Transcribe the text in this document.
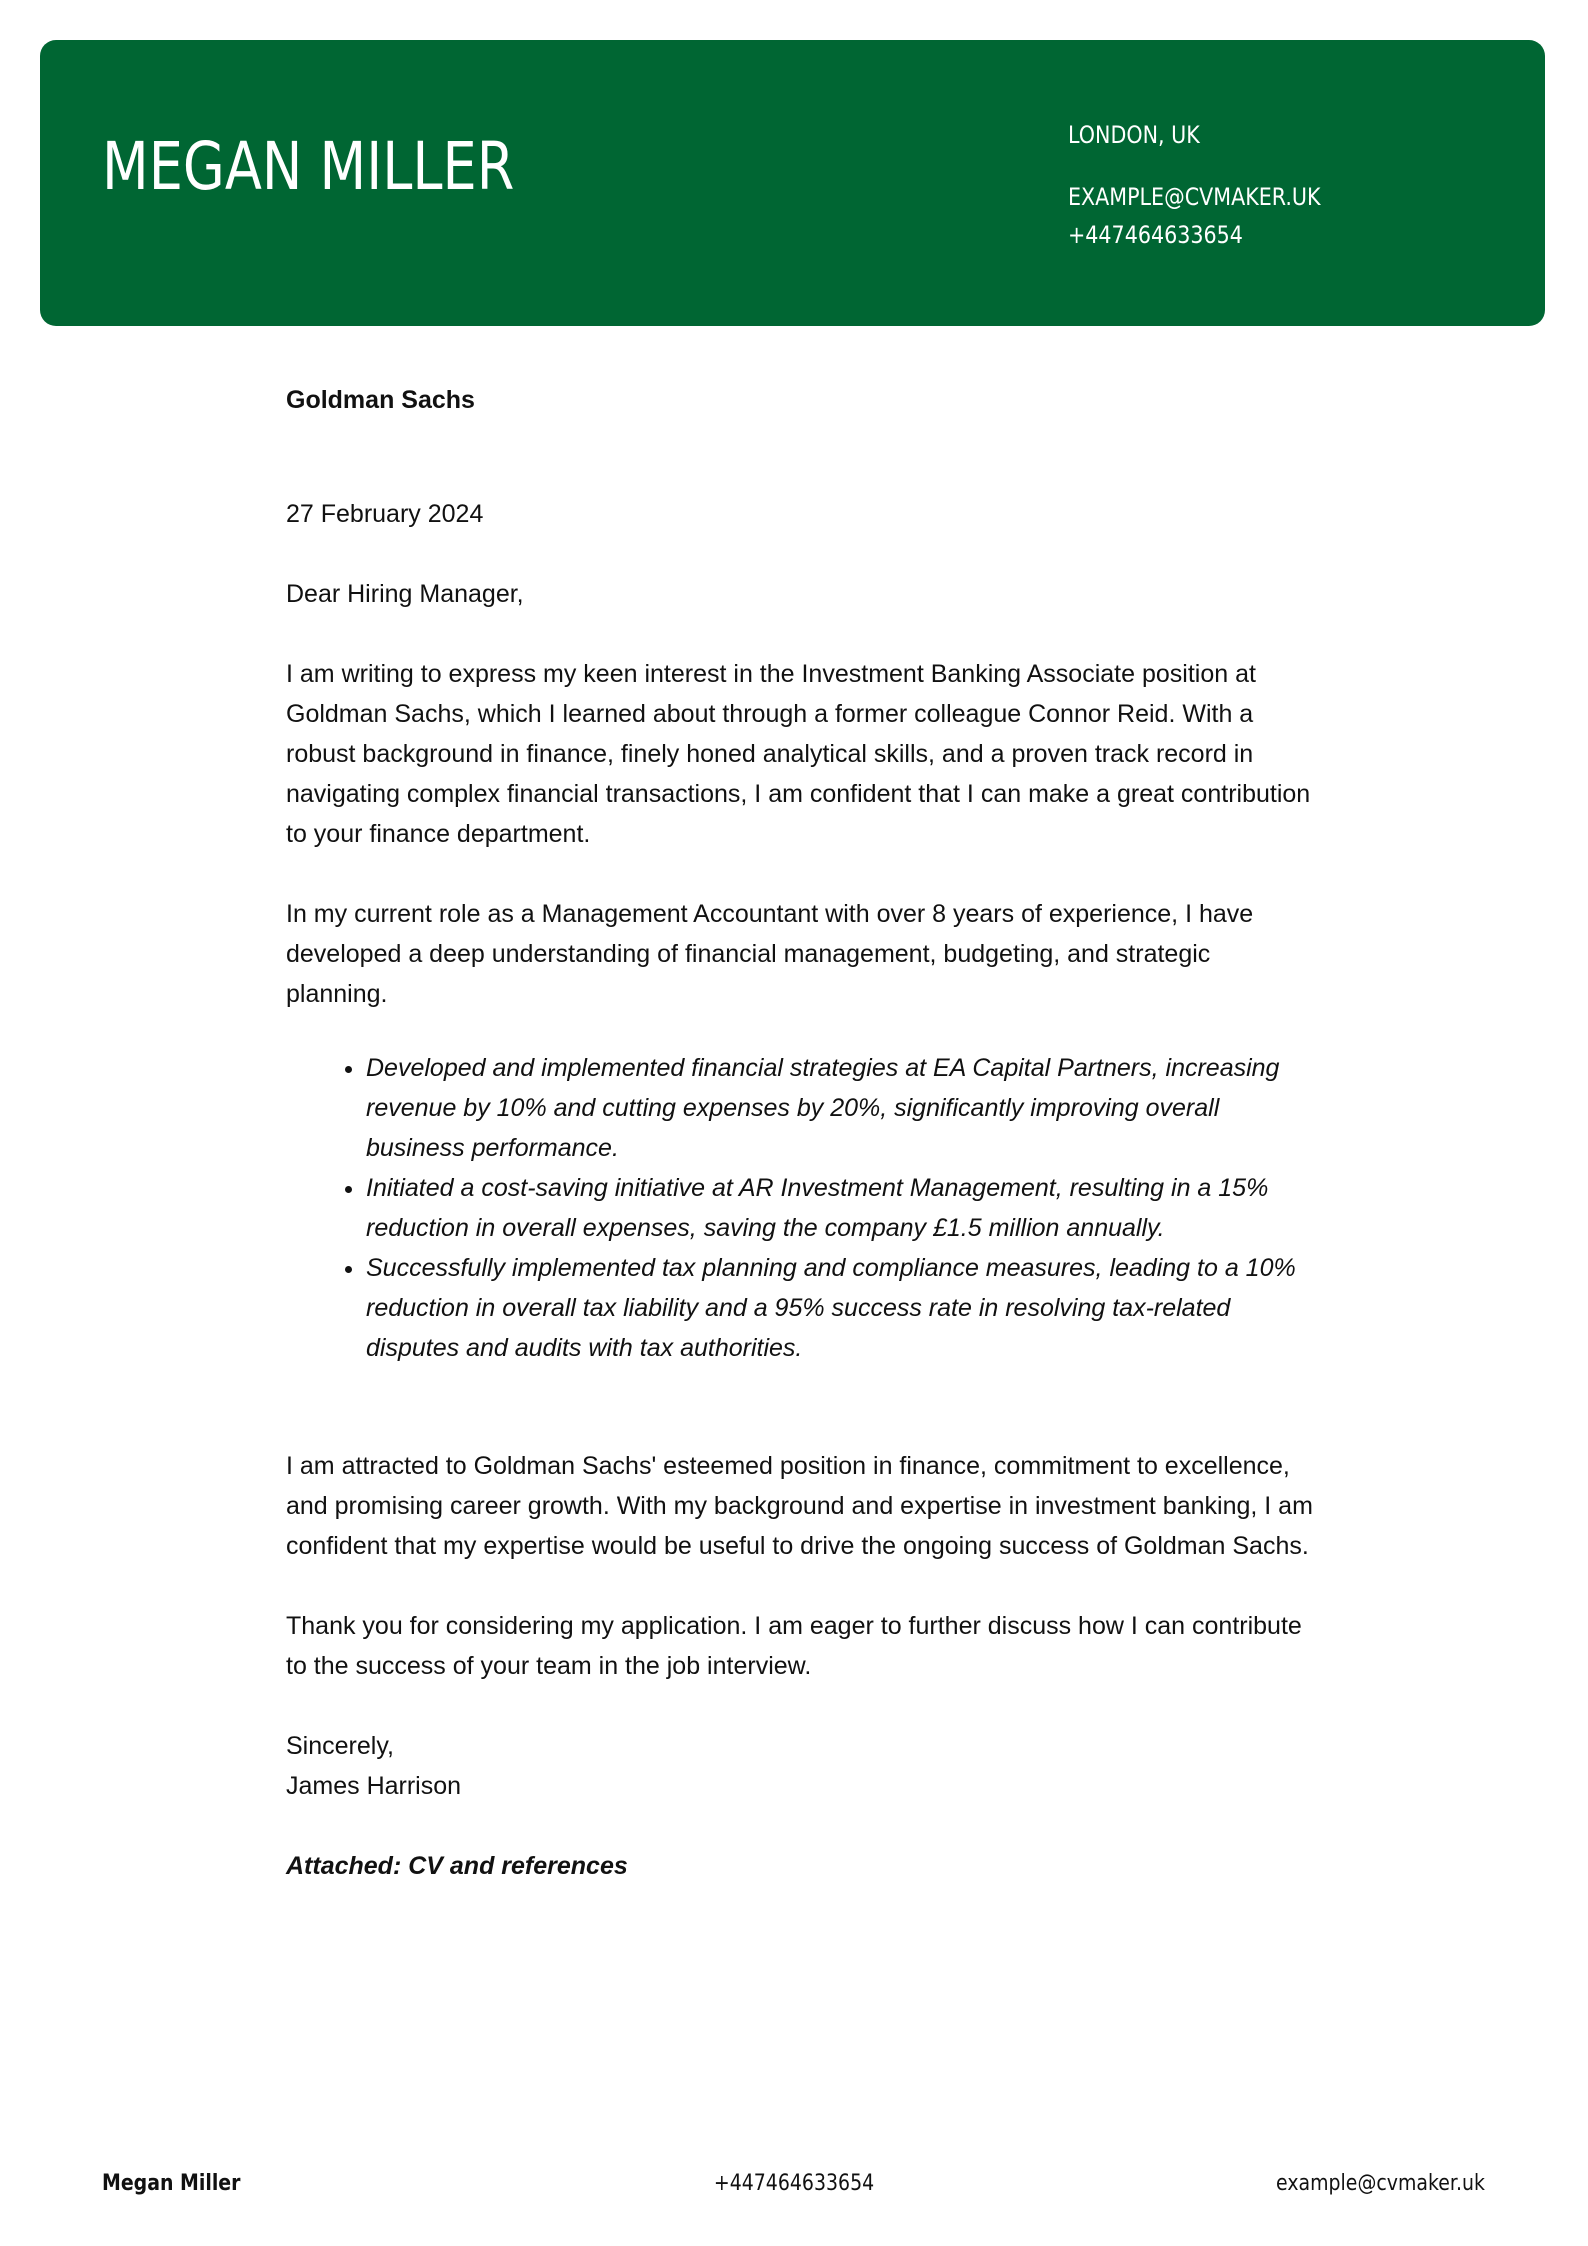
MEGAN MILLER	LONDON, UK
EXAMPLE@CVMAKER.UK
+447464633654

Goldman Sachs

27 February 2024

Dear Hiring Manager,

I am writing to express my keen interest in the Investment Banking Associate position at Goldman Sachs, which I learned about through a former colleague Connor Reid. With a robust background in finance, finely honed analytical skills, and a proven track record in navigating complex financial transactions, I am confident that I can make a great contribution to your finance department.

In my current role as a Management Accountant with over 8 years of experience, I have developed a deep understanding of financial management, budgeting, and strategic planning.

• Developed and implemented financial strategies at EA Capital Partners, increasing revenue by 10% and cutting expenses by 20%, significantly improving overall business performance.
• Initiated a cost-saving initiative at AR Investment Management, resulting in a 15% reduction in overall expenses, saving the company £1.5 million annually.
• Successfully implemented tax planning and compliance measures, leading to a 10% reduction in overall tax liability and a 95% success rate in resolving tax-related disputes and audits with tax authorities.

I am attracted to Goldman Sachs' esteemed position in finance, commitment to excellence, and promising career growth. With my background and expertise in investment banking, I am confident that my expertise would be useful to drive the ongoing success of Goldman Sachs.

Thank you for considering my application. I am eager to further discuss how I can contribute to the success of your team in the job interview.

Sincerely,
James Harrison

Attached: CV and references

Megan Miller	+447464633654	example@cvmaker.uk
